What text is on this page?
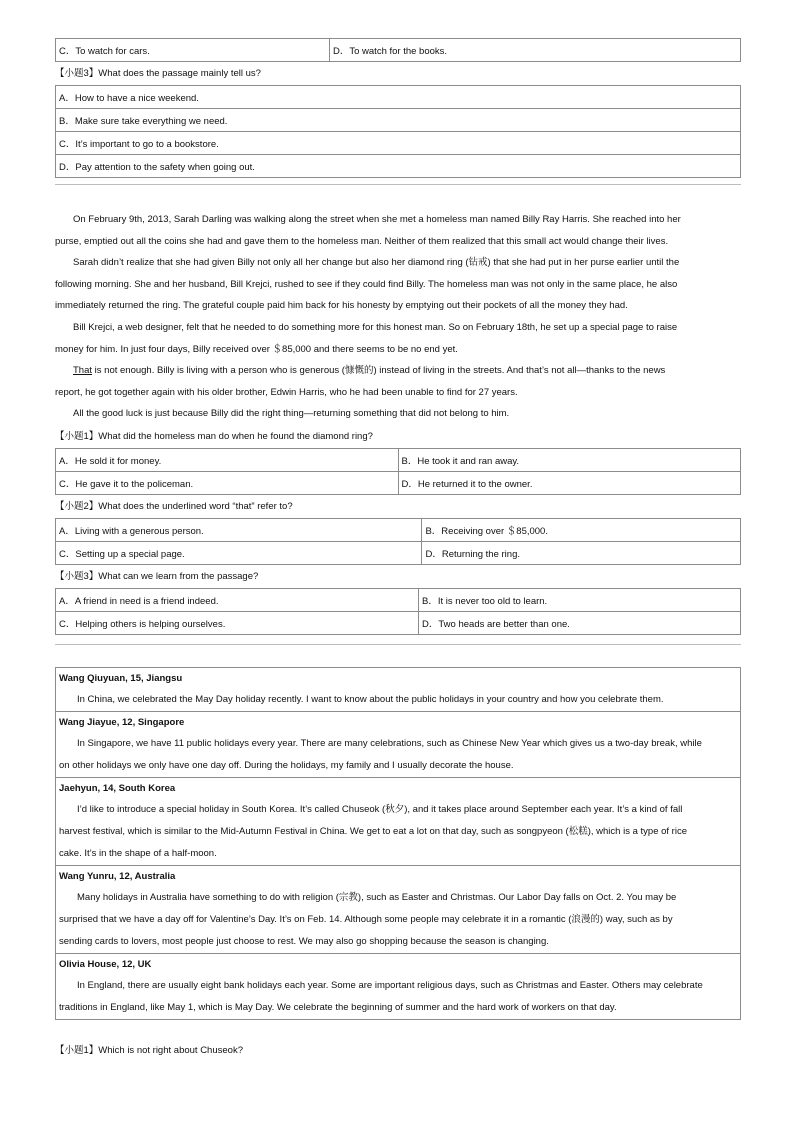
C．To watch for cars.	D．To watch for the books.
【小题3】What does the passage mainly tell us?
A．How to have a nice weekend.
B．Make sure take everything we need.
C．It’s important to go to a bookstore.
D．Pay attention to the safety when going out.

On February 9th, 2013, Sarah Darling was walking along the street when she met a homeless man named Billy Ray Harris. She reached into her

purse, emptied out all the coins she had and gave them to the homeless man. Neither of them realized that this small act would change their lives.

Sarah didn’t realize that she had given Billy not only all her change but also her diamond ring (钻戒) that she had put in her purse earlier until the

following morning. She and her husband, Bill Krejci, rushed to see if they could find Billy. The homeless man was not only in the same place, he also

immediately returned the ring. The grateful couple paid him back for his honesty by emptying out their pockets of all the money they had.

Bill Krejci, a web designer, felt that he needed to do something more for this honest man. So on February 18th, he set up a special page to raise

money for him. In just four days, Billy received over ＄85,000 and there seems to be no end yet.

That is not enough. Billy is living with a person who is generous (慷慨的) instead of living in the streets. And that’s not all—thanks to the news

report, he got together again with his older brother, Edwin Harris, who he had been unable to find for 27 years.

All the good luck is just because Billy did the right thing—returning something that did not belong to him.

【小题1】What did the homeless man do when he found the diamond ring?
A．He sold it for money.	B．He took it and ran away.
C．He gave it to the policeman.	D．He returned it to the owner.
【小题2】What does the underlined word “that” refer to?
A．Living with a generous person.	B．Receiving over ＄85,000.
C．Setting up a special page.	D．Returning the ring.
【小题3】What can we learn from the passage?
A．A friend in need is a friend indeed.	B．It is never too old to learn.
C．Helping others is helping ourselves.	D．Two heads are better than one.
Wang Qiuyuan, 15, Jiangsu
In China, we celebrated the May Day holiday recently. I want to know about the public holidays in your country and how you celebrate them.

Wang Jiayue, 12, Singapore
In Singapore, we have 11 public holidays every year. There are many celebrations, such as Chinese New Year which gives us a two-day break, while
on other holidays we only have one day off. During the holidays, my family and I usually decorate the house.

Jaehyun, 14, South Korea
I’d like to introduce a special holiday in South Korea. It’s called Chuseok (秋夕), and it takes place around September each year. It’s a kind of fall
harvest festival, which is similar to the Mid-Autumn Festival in China. We get to eat a lot on that day, such as songpyeon (松糕), which is a type of rice
cake. It’s in the shape of a half-moon.

Wang Yunru, 12, Australia
Many holidays in Australia have something to do with religion (宗教), such as Easter and Christmas. Our Labor Day falls on Oct. 2. You may be
surprised that we have a day off for Valentine’s Day. It’s on Feb. 14. Although some people may celebrate it in a romantic (浪漫的) way, such as by
sending cards to lovers, most people just choose to rest. We may also go shopping because the season is changing.

Olivia House, 12, UK
In England, there are usually eight bank holidays each year. Some are important religious days, such as Christmas and Easter. Others may celebrate
traditions in England, like May 1, which is May Day. We celebrate the beginning of summer and the hard work of workers on that day.
【小题1】Which is not right about Chuseok?
